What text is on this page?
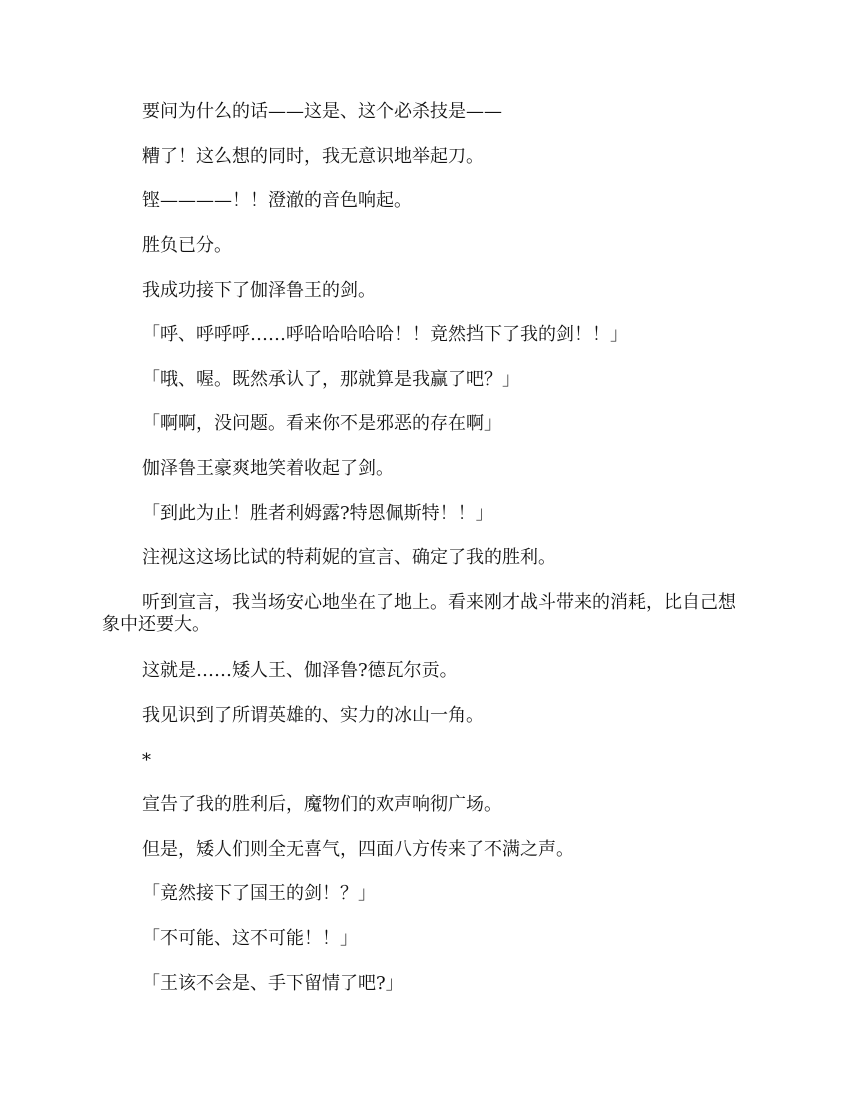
要问为什么的话——这是、这个必杀技是——

糟了！这么想的同时，我无意识地举起刀。

铿————！！澄澈的音色响起。

胜负已分。

我成功接下了伽泽鲁王的剑。

「呼、呼呼呼……呼哈哈哈哈哈！！竟然挡下了我的剑！！」

「哦、喔。既然承认了，那就算是我赢了吧？」

「啊啊，没问题。看来你不是邪恶的存在啊」

伽泽鲁王豪爽地笑着收起了剑。

「到此为止！胜者利姆露?特恩佩斯特！！」

注视这这场比试的特莉妮的宣言、确定了我的胜利。

听到宣言，我当场安心地坐在了地上。看来刚才战斗带来的消耗，比自己想象中还要大。

这就是……矮人王、伽泽鲁?德瓦尔贡。

我见识到了所谓英雄的、实力的冰山一角。

*

宣告了我的胜利后，魔物们的欢声响彻广场。

但是，矮人们则全无喜气，四面八方传来了不满之声。

「竟然接下了国王的剑！？」

「不可能、这不可能！！」

「王该不会是、手下留情了吧?」
